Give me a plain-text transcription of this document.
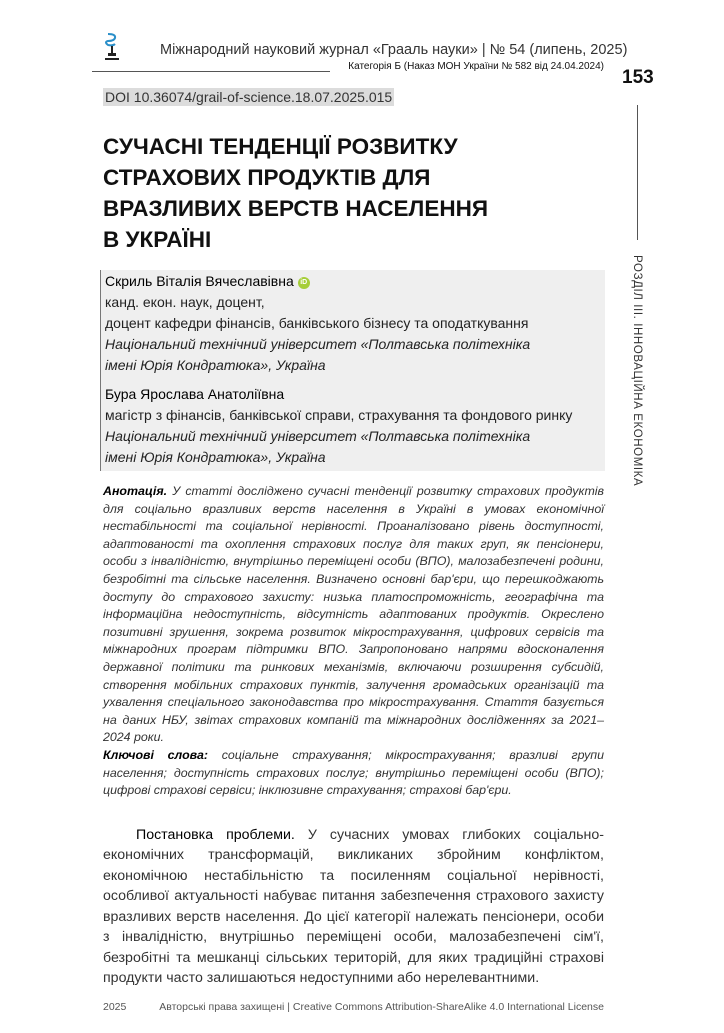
Міжнародний науковий журнал «Грааль науки» | № 54 (липень, 2025)
Категорія Б (Наказ МОН України № 582 від 24.04.2024)
153
DOI 10.36074/grail-of-science.18.07.2025.015
РОЗДІЛ ІІІ. ІННОВАЦІЙНА ЕКОНОМІКА
СУЧАСНІ ТЕНДЕНЦІЇ РОЗВИТКУ
СТРАХОВИХ ПРОДУКТІВ ДЛЯ
ВРАЗЛИВИХ ВЕРСТВ НАСЕЛЕННЯ
В УКРАЇНІ
Скриль Віталія Вячеславівна iD
канд. екон. наук, доцент,
доцент кафедри фінансів, банківського бізнесу та оподаткування
Національний технічний університет «Полтавська політехніка
імені Юрія Кондратюка», Україна
Бура Ярослава Анатоліївна
магістр з фінансів, банківської справи, страхування та фондового ринку
Національний технічний університет «Полтавська політехніка
імені Юрія Кондратюка», Україна
Анотація. У статті досліджено сучасні тенденції розвитку страхових продуктів для соціально вразливих верств населення в Україні в умовах економічної нестабільності та соціальної нерівності. Проаналізовано рівень доступності, адаптованості та охоплення страхових послуг для таких груп, як пенсіонери, особи з інвалідністю, внутрішньо переміщені особи (ВПО), малозабезпечені родини, безробітні та сільське населення. Визначено основні бар'єри, що перешкоджають доступу до страхового захисту: низька платоспроможність, географічна та інформаційна недоступність, відсутність адаптованих продуктів. Окреслено позитивні зрушення, зокрема розвиток мікрострахування, цифрових сервісів та міжнародних програм підтримки ВПО. Запропоновано напрями вдосконалення державної політики та ринкових механізмів, включаючи розширення субсидій, створення мобільних страхових пунктів, залучення громадських організацій та ухвалення спеціального законодавства про мікрострахування. Стаття базується на даних НБУ, звітах страхових компаній та міжнародних дослідженнях за 2021–2024 роки.
Ключові слова: соціальне страхування; мікрострахування; вразливі групи населення; доступність страхових послуг; внутрішньо переміщені особи (ВПО); цифрові страхові сервіси; інклюзивне страхування; страхові бар'єри.
Постановка проблеми. У сучасних умовах глибоких соціально-економічних трансформацій, викликаних збройним конфліктом, економічною нестабільністю та посиленням соціальної нерівності, особливої актуальності набуває питання забезпечення страхового захисту вразливих верств населення. До цієї категорії належать пенсіонери, особи з інвалідністю, внутрішньо переміщені особи, малозабезпечені сім'ї, безробітні та мешканці сільських територій, для яких традиційні страхові продукти часто залишаються недоступними або нерелевантними.
2025	Авторські права захищені | Creative Commons Attribution-ShareAlike 4.0 International License
